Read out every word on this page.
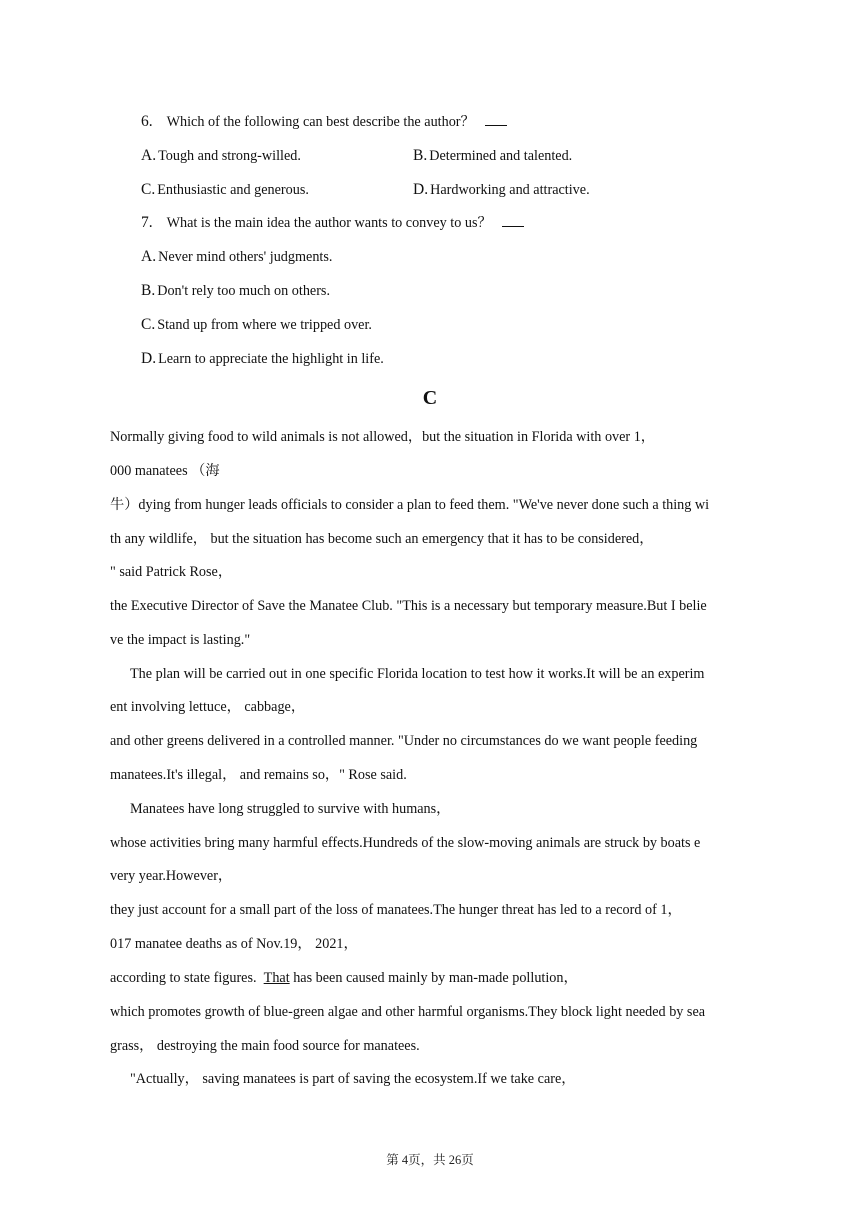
6. Which of the following can best describe the author？
A. Tough and strong-willed.	B. Determined and talented.
C. Enthusiastic and generous.	D. Hardworking and attractive.
7. What is the main idea the author wants to convey to us？
A. Never mind others' judgments.
B. Don't rely too much on others.
C. Stand up from where we tripped over.
D. Learn to appreciate the highlight in life.
C
Normally giving food to wild animals is not allowed，but the situation in Florida with over 1，
000 manatees （海
牛）dying from hunger leads officials to consider a plan to feed them. "We've never done such a thing wi
th any wildlife， but the situation has become such an emergency that it has to be considered，
" said Patrick Rose，
the Executive Director of Save the Manatee Club. "This is a necessary but temporary measure.But I belie
ve the impact is lasting."
The plan will be carried out in one specific Florida location to test how it works.It will be an experim
ent involving lettuce， cabbage，
and other greens delivered in a controlled manner. "Under no circumstances do we want people feeding
manatees.It's illegal， and remains so，" Rose said.
Manatees have long struggled to survive with humans，
whose activities bring many harmful effects.Hundreds of the slow-moving animals are struck by boats e
very year.However，
they just account for a small part of the loss of manatees.The hunger threat has led to a record of 1，
017 manatee deaths as of Nov.19， 2021，
according to state figures. That has been caused mainly by man-made pollution，
which promotes growth of blue-green algae and other harmful organisms.They block light needed by sea
grass， destroying the main food source for manatees.
"Actually， saving manatees is part of saving the ecosystem.If we take care，
第 4页，共 26页
